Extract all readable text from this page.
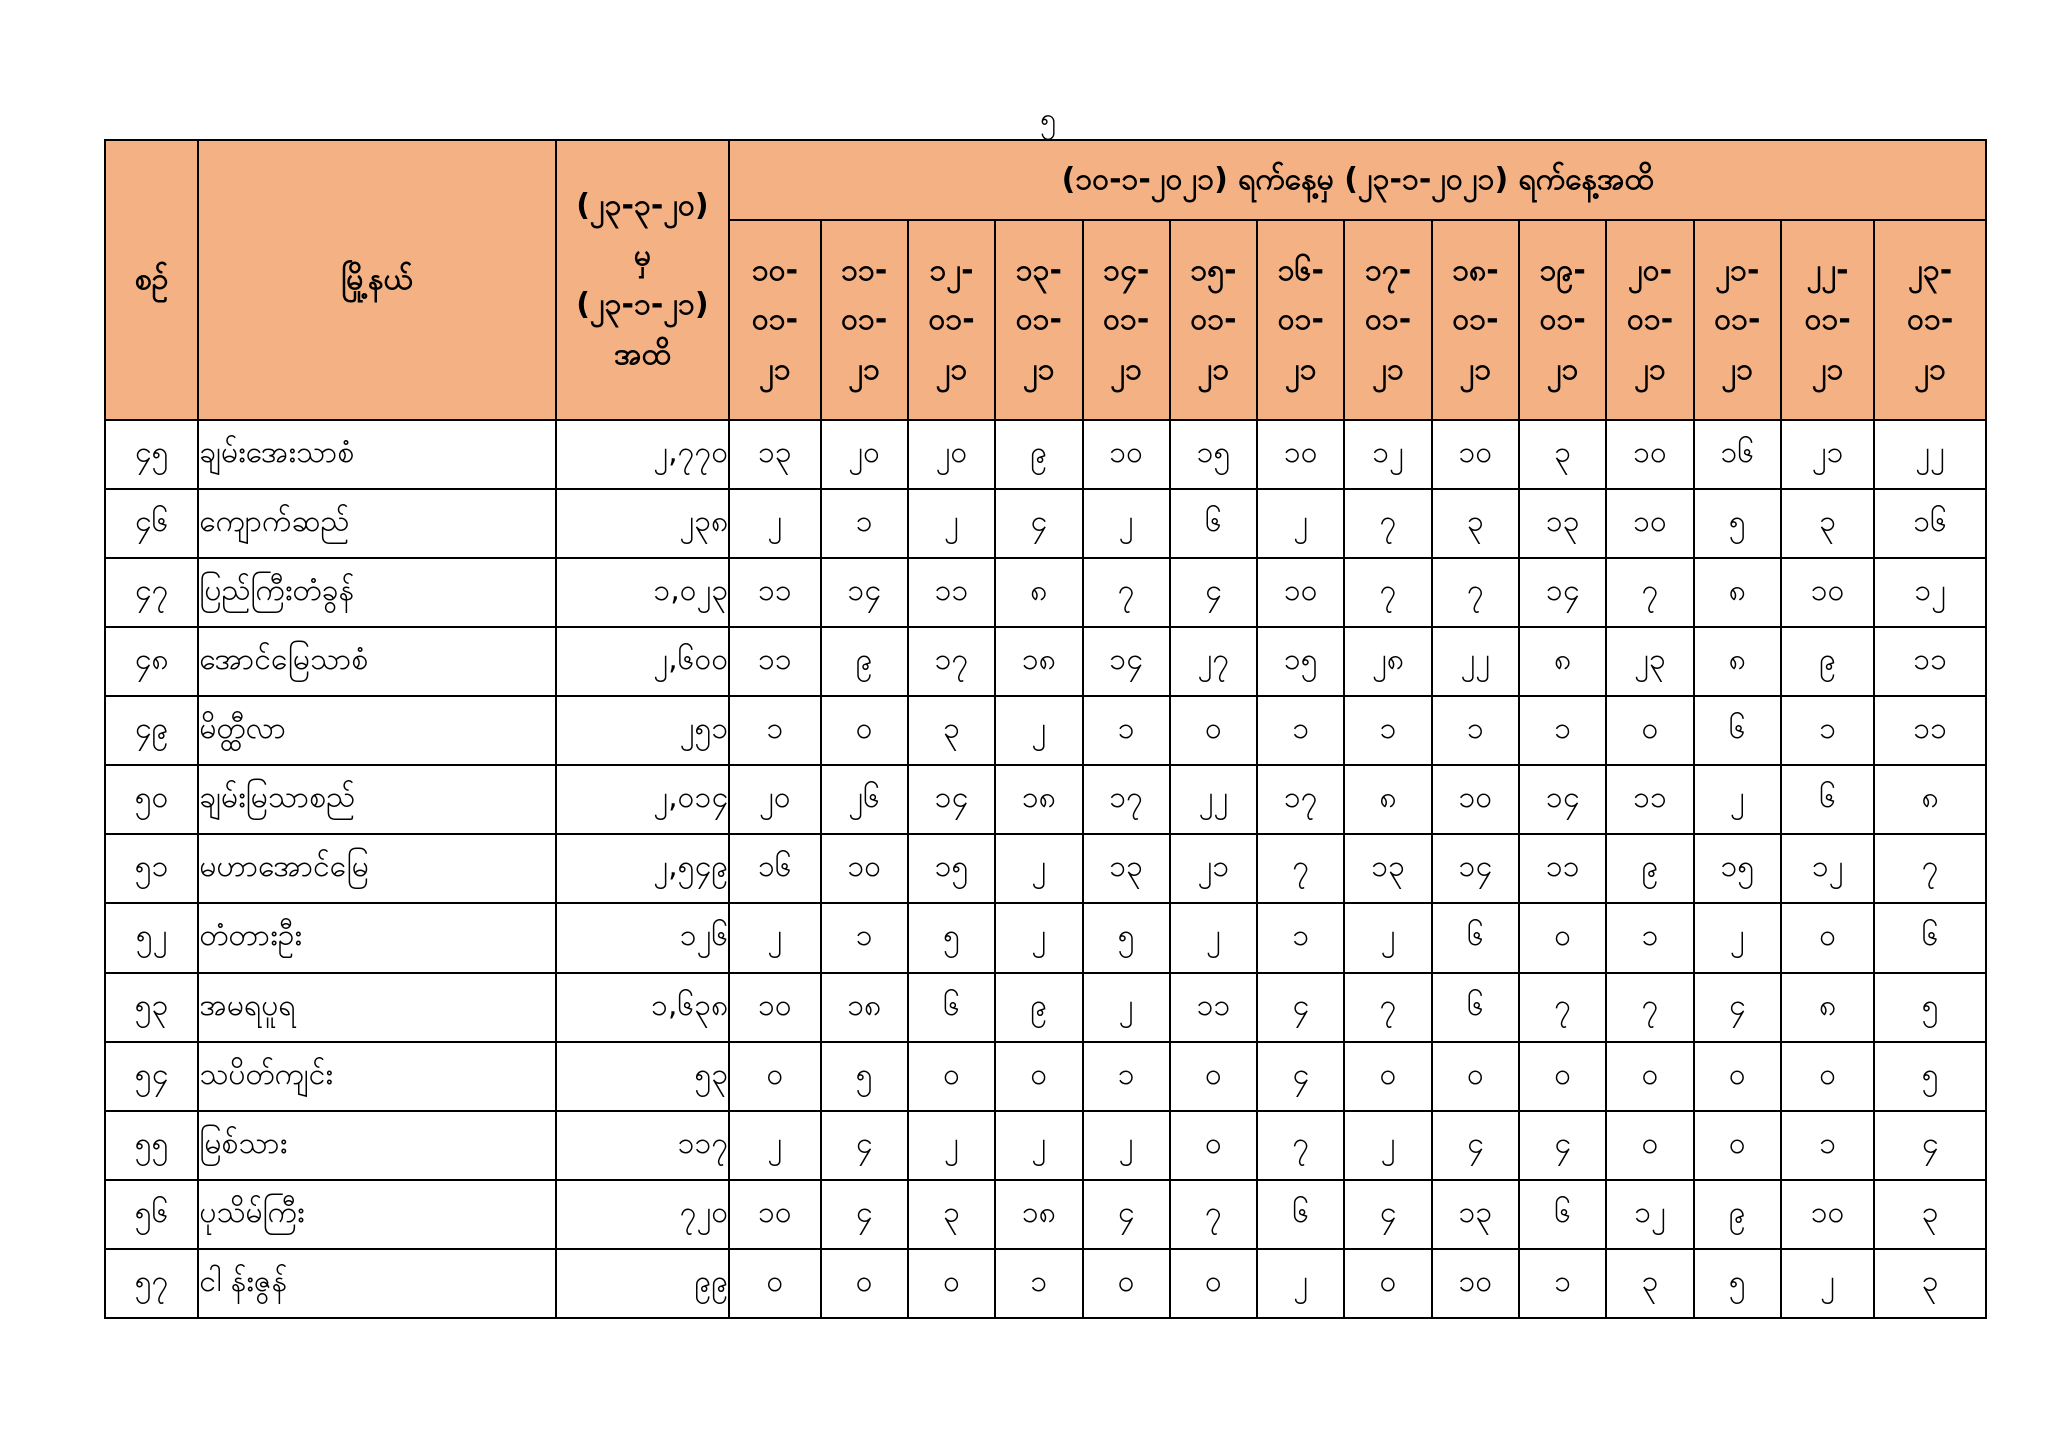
၅
စဉ်	မြို့နယ်	(၂၃-၃-၂၀)
မှ
(၂၃-၁-၂၁)
အထိ	(၁၀-၁-၂၀၂၁) ရက်နေ့မှ (၂၃-၁-၂၀၂၁) ရက်နေ့အထိ													

			၁၀-
၀၁-
၂၁	၁၁-
၀၁-
၂၁	၁၂-
၀၁-
၂၁	၁၃-
၀၁-
၂၁	၁၄-
၀၁-
၂၁	၁၅-
၀၁-
၂၁	၁၆-
၀၁-
၂၁	၁၇-
၀၁-
၂၁	၁၈-
၀၁-
၂၁	၁၉-
၀၁-
၂၁	၂၀-
၀၁-
၂၁	၂၁-
၀၁-
၂၁	၂၂-
၀၁-
၂၁	၂၃-
၀၁-
၂၁

၄၅	ချမ်းအေးသာစံ	၂,၇၇၀	၁၃	၂၀	၂၀	၉	၁၀	၁၅	၁၀	၁၂	၁၀	၃	၁၀	၁၆	၂၁	၂၂
၄၆	ကျောက်ဆည်	၂၃၈	၂	၁	၂	၄	၂	၆	၂	၇	၃	၁၃	၁၀	၅	၃	၁၆
၄၇	ပြည်ကြီးတံခွန်	၁,၀၂၃	၁၁	၁၄	၁၁	၈	၇	၄	၁၀	၇	၇	၁၄	၇	၈	၁၀	၁၂
၄၈	အောင်မြေသာစံ	၂,၆၀၀	၁၁	၉	၁၇	၁၈	၁၄	၂၇	၁၅	၂၈	၂၂	၈	၂၃	၈	၉	၁၁
၄၉	မိတ္ထီလာ	၂၅၁	၁	၀	၃	၂	၁	၀	၁	၁	၁	၁	၀	၆	၁	၁၁
၅၀	ချမ်းမြသာစည်	၂,၀၁၄	၂၀	၂၆	၁၄	၁၈	၁၇	၂၂	၁၇	၈	၁၀	၁၄	၁၁	၂	၆	၈
၅၁	မဟာအောင်မြေ	၂,၅၄၉	၁၆	၁၀	၁၅	၂	၁၃	၂၁	၇	၁၃	၁၄	၁၁	၉	၁၅	၁၂	၇
၅၂	တံတားဦး	၁၂၆	၂	၁	၅	၂	၅	၂	၁	၂	၆	၀	၁	၂	၀	၆
၅၃	အမရပူရ	၁,၆၃၈	၁၀	၁၈	၆	၉	၂	၁၁	၄	၇	၆	၇	၇	၄	၈	၅
၅၄	သပိတ်ကျင်း	၅၃	၀	၅	၀	၀	၁	၀	၄	၀	၀	၀	၀	၀	၀	၅
၅၅	မြစ်သား	၁၁၇	၂	၄	၂	၂	၂	၀	၇	၂	၄	၄	၀	၀	၁	၄
၅၆	ပုသိမ်ကြီး	၇၂၀	၁၀	၄	၃	၁၈	၄	၇	၆	၄	၁၃	၆	၁၂	၉	၁၀	၃
၅၇	ငါ န်းဇွန်	၉၉	၀	၀	၀	၁	၀	၀	၂	၀	၁၀	၁	၃	၅	၂	၃
